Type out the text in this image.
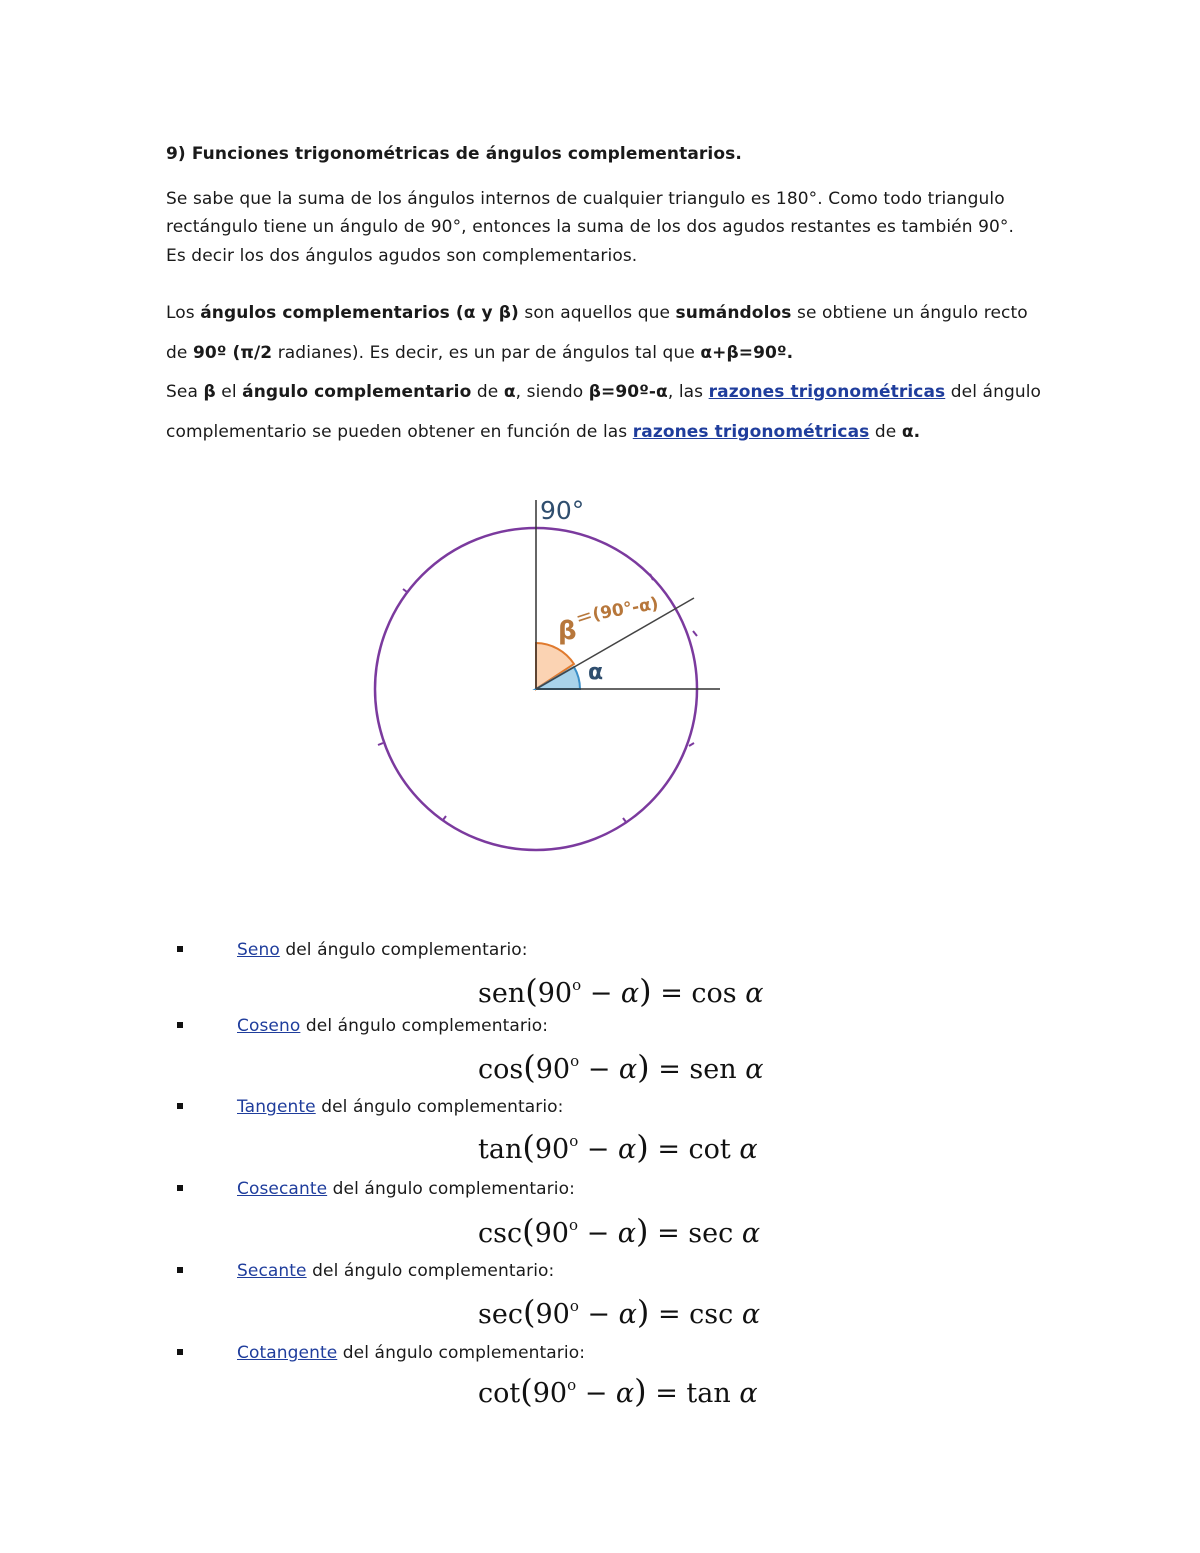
9) Funciones trigonométricas de ángulos complementarios.
Se sabe que la suma de los ángulos internos de cualquier triangulo es 180°. Como todo triangulo
rectángulo tiene un ángulo de 90°, entonces la suma de los dos agudos restantes es también 90°.
Es decir los dos ángulos agudos son complementarios.
Los ángulos complementarios (α y β) son aquellos que sumándolos se obtiene un ángulo recto
de 90º (π/2 radianes). Es decir, es un par de ángulos tal que α+β=90º.
Sea β el ángulo complementario de α, siendo β=90º-α, las razones trigonométricas del ángulo
complementario se pueden obtener en función de las razones trigonométricas de α.
90°
β
=
(90°-α)
α
Seno del ángulo complementario:
$sen(90^o - \alpha) = \cos \alpha$
Coseno del ángulo complementario:
$\cos(90^o - \alpha)$ = sen α
Tangente del ángulo complementario:
$\tan(90^o - \alpha) = \cot \alpha$
Cosecante del ángulo complementario:
$\csc(90^o - \alpha) = \sec \alpha$
Secante del ángulo complementario:
$\sec(90^o - \alpha) = \csc \alpha$
Cotangente del ángulo complementario:
$\cot(90^o - \alpha) = \tan \alpha$
